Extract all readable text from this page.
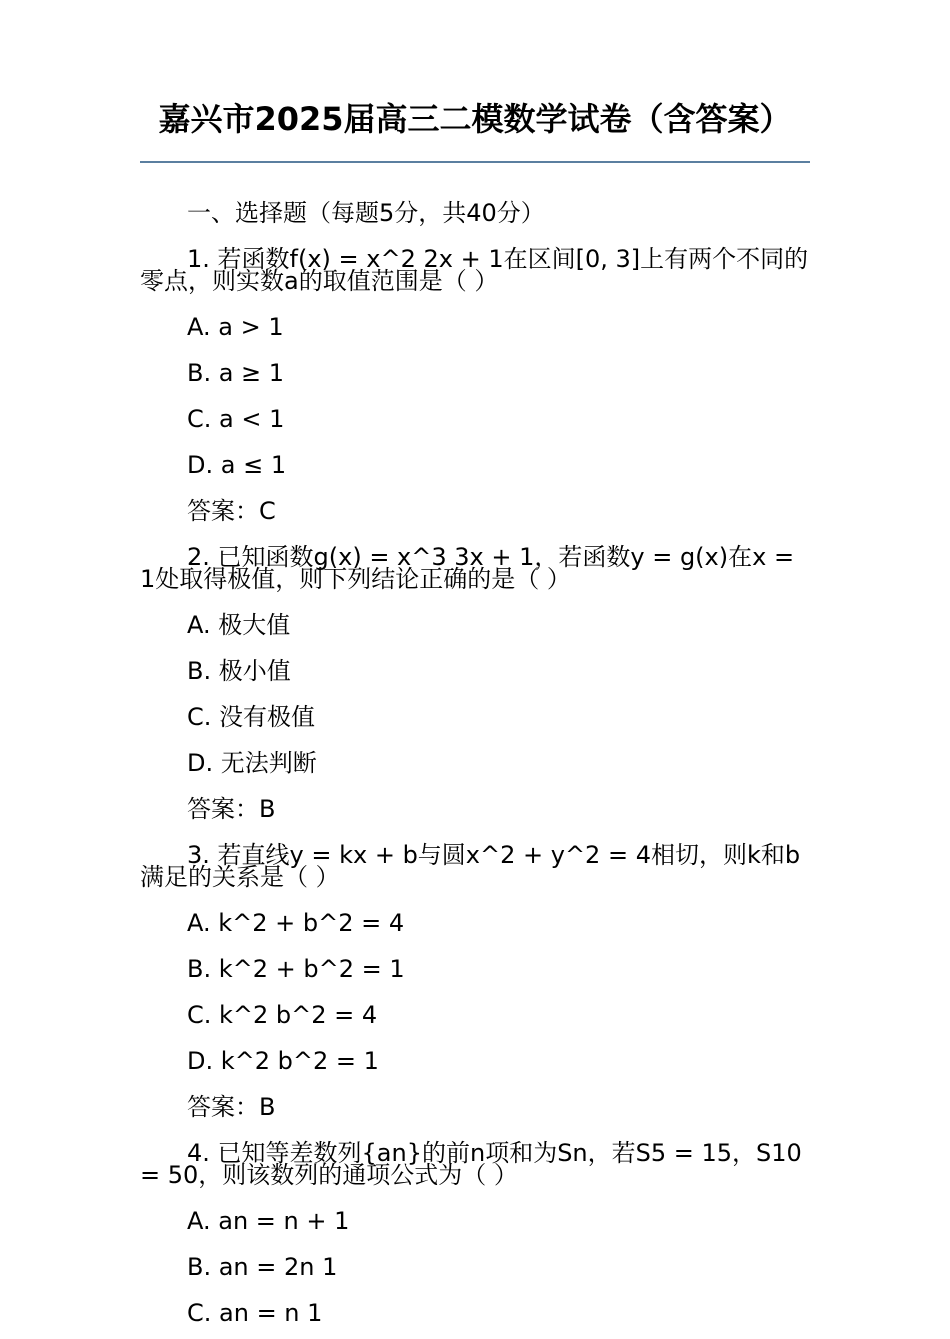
嘉兴市2025届高三二模数学试卷（含答案）

一、选择题（每题5分，共40分）

1. 若函数f(x) = x^2 2x + 1在区间[0, 3]上有两个不同的零点，则实数a的取值范围是（ ）

A. a > 1

B. a ≥ 1

C. a < 1

D. a ≤ 1

答案：C

2. 已知函数g(x) = x^3 3x + 1，若函数y = g(x)在x = 1处取得极值，则下列结论正确的是（ ）

A. 极大值

B. 极小值

C. 没有极值

D. 无法判断

答案：B

3. 若直线y = kx + b与圆x^2 + y^2 = 4相切，则k和b满足的关系是（ ）

A. k^2 + b^2 = 4

B. k^2 + b^2 = 1

C. k^2 b^2 = 4

D. k^2 b^2 = 1

答案：B

4. 已知等差数列{an}的前n项和为Sn，若S5 = 15，S10 = 50，则该数列的通项公式为（ ）

A. an = n + 1

B. an = 2n 1

C. an = n 1
